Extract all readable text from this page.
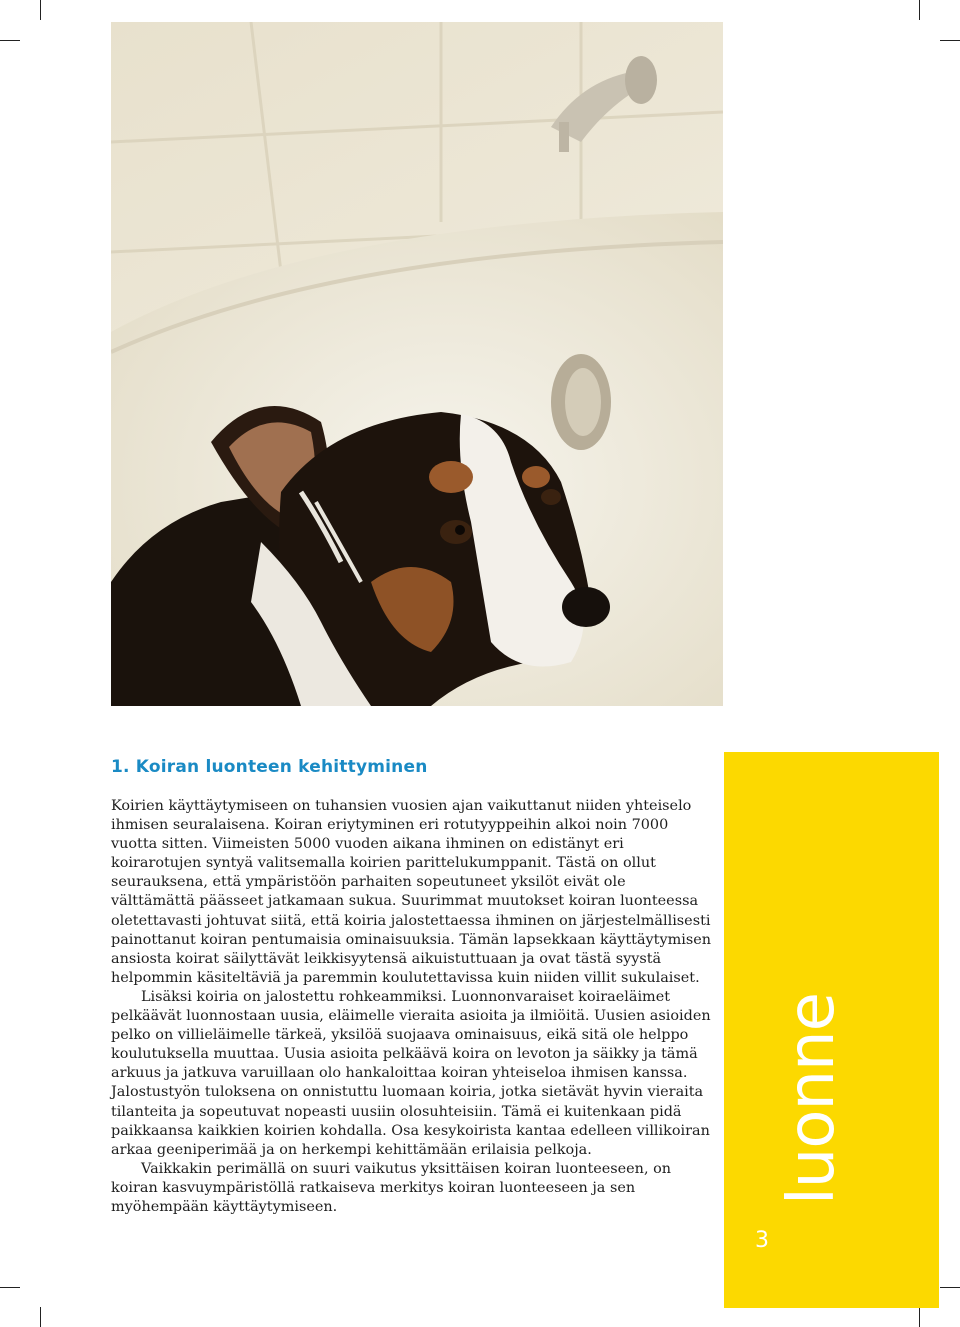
1. Koiran luonteen kehittyminen

Koirien käyttäytymiseen on tuhansien vuosien ajan vaikuttanut niiden yhteiselo ihmisen seuralaisena. Koiran eriytyminen eri rotutyyppeihin alkoi noin 7000 vuotta sitten. Viimeisten 5000 vuoden aikana ihminen on edistänyt eri koirarotujen syntyä valitsemalla koirien parittelukumppanit. Tästä on ollut seurauksena, että ympäristöön parhaiten sopeutuneet yksilöt eivät ole välttämättä päässeet jatkamaan sukua. Suurimmat muutokset koiran luonteessa oletettavasti johtuvat siitä, että koiria jalostettaessa ihminen on järjestelmällisesti painottanut koiran pentumaisia ominaisuuksia. Tämän lapsekkaan käyttäytymisen ansiosta koirat säilyttävät leikkisyytensä aikuistuttuaan ja ovat tästä syystä helpommin käsiteltäviä ja paremmin koulutettavissa kuin niiden villit sukulaiset.

Lisäksi koiria on jalostettu rohkeammiksi. Luonnonvaraiset koiraeläimet pelkäävät luonnostaan uusia, eläimelle vieraita asioita ja ilmiöitä. Uusien asioiden pelko on villieläimelle tärkeä, yksilöä suojaava ominaisuus, eikä sitä ole helppo koulutuksella muuttaa. Uusia asioita pelkäävä koira on levoton ja säikky ja tämä arkuus ja jatkuva varuillaan olo hankaloittaa koiran yhteiseloa ihmisen kanssa. Jalostustyön tuloksena on onnistuttu luomaan koiria, jotka sietävät hyvin vieraita tilanteita ja sopeutuvat nopeasti uusiin olosuhteisiin. Tämä ei kuitenkaan pidä paikkaansa kaikkien koirien kohdalla. Osa kesykoirista kantaa edelleen villikoiran arkaa geeniperimää ja on herkempi kehittämään erilaisia pelkoja.

Vaikkakin perimällä on suuri vaikutus yksittäisen koiran luonteeseen, on koiran kasvuympäristöllä ratkaiseva merkitys koiran luonteeseen ja sen myöhempään käyttäytymiseen.

luonne
3
